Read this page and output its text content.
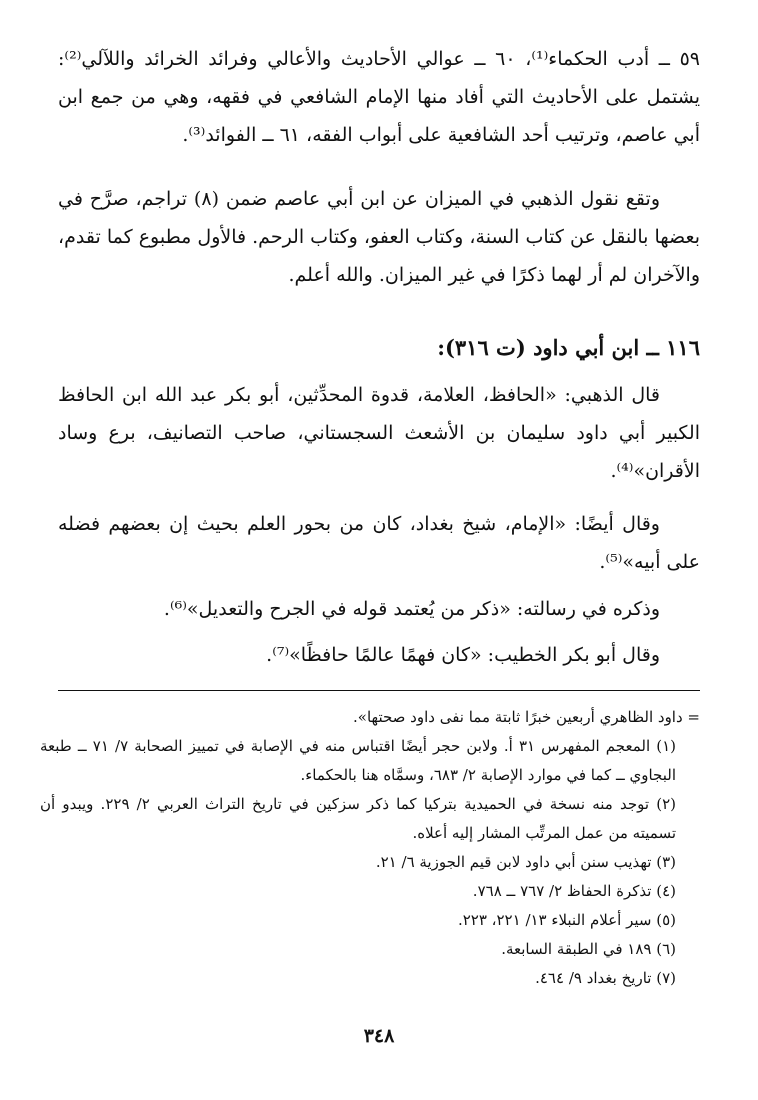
٥٩ ــ أدب الحكماء⁽¹⁾، ٦٠ ــ عوالي الأحاديث والأعالي وفرائد الخرائد واللآلي⁽²⁾: يشتمل على الأحاديث التي أفاد منها الإمام الشافعي في فقهه، وهي من جمع ابن أبي عاصم، وترتيب أحد الشافعية على أبواب الفقه، ٦١ ــ الفوائد⁽³⁾.

وتقع نقول الذهبي في الميزان عن ابن أبي عاصم ضمن (٨) تراجم، صرَّح في بعضها بالنقل عن كتاب السنة، وكتاب العفو، وكتاب الرحم. فالأول مطبوع كما تقدم، والآخران لم أر لهما ذكرًا في غير الميزان. والله أعلم.

١١٦ ــ ابن أبي داود (ت ٣١٦):

قال الذهبي: «الحافظ، العلامة، قدوة المحدِّثين، أبو بكر عبد الله ابن الحافظ الكبير أبي داود سليمان بن الأشعث السجستاني، صاحب التصانيف، برع وساد الأقران»⁽⁴⁾.

وقال أيضًا: «الإمام، شيخ بغداد، كان من بحور العلم بحيث إن بعضهم فضله على أبيه»⁽⁵⁾.

وذكره في رسالته: «ذكر من يُعتمد قوله في الجرح والتعديل»⁽⁶⁾.

وقال أبو بكر الخطيب: «كان فهمًا عالمًا حافظًا»⁽⁷⁾.

= داود الظاهري أربعين خبرًا ثابتة مما نفى داود صحتها».

(١) المعجم المفهرس ٣١ أ. ولابن حجر أيضًا اقتباس منه في الإصابة في تمييز الصحابة ٧/ ٧١ ــ طبعة البجاوي ــ كما في موارد الإصابة ٢/ ٦٨٣، وسمَّاه هنا بالحكماء.

(٢) توجد منه نسخة في الحميدية بتركيا كما ذكر سزكين في تاريخ التراث العربي ٢/ ٢٢٩. ويبدو أن تسميته من عمل المرتِّب المشار إليه أعلاه.

(٣) تهذيب سنن أبي داود لابن قيم الجوزية ٦/ ٢١.

(٤) تذكرة الحفاظ ٢/ ٧٦٧ ــ ٧٦٨.

(٥) سير أعلام النبلاء ١٣/ ٢٢١، ٢٢٣.

(٦) ١٨٩ في الطبقة السابعة.

(٧) تاريخ بغداد ٩/ ٤٦٤.

٣٤٨
